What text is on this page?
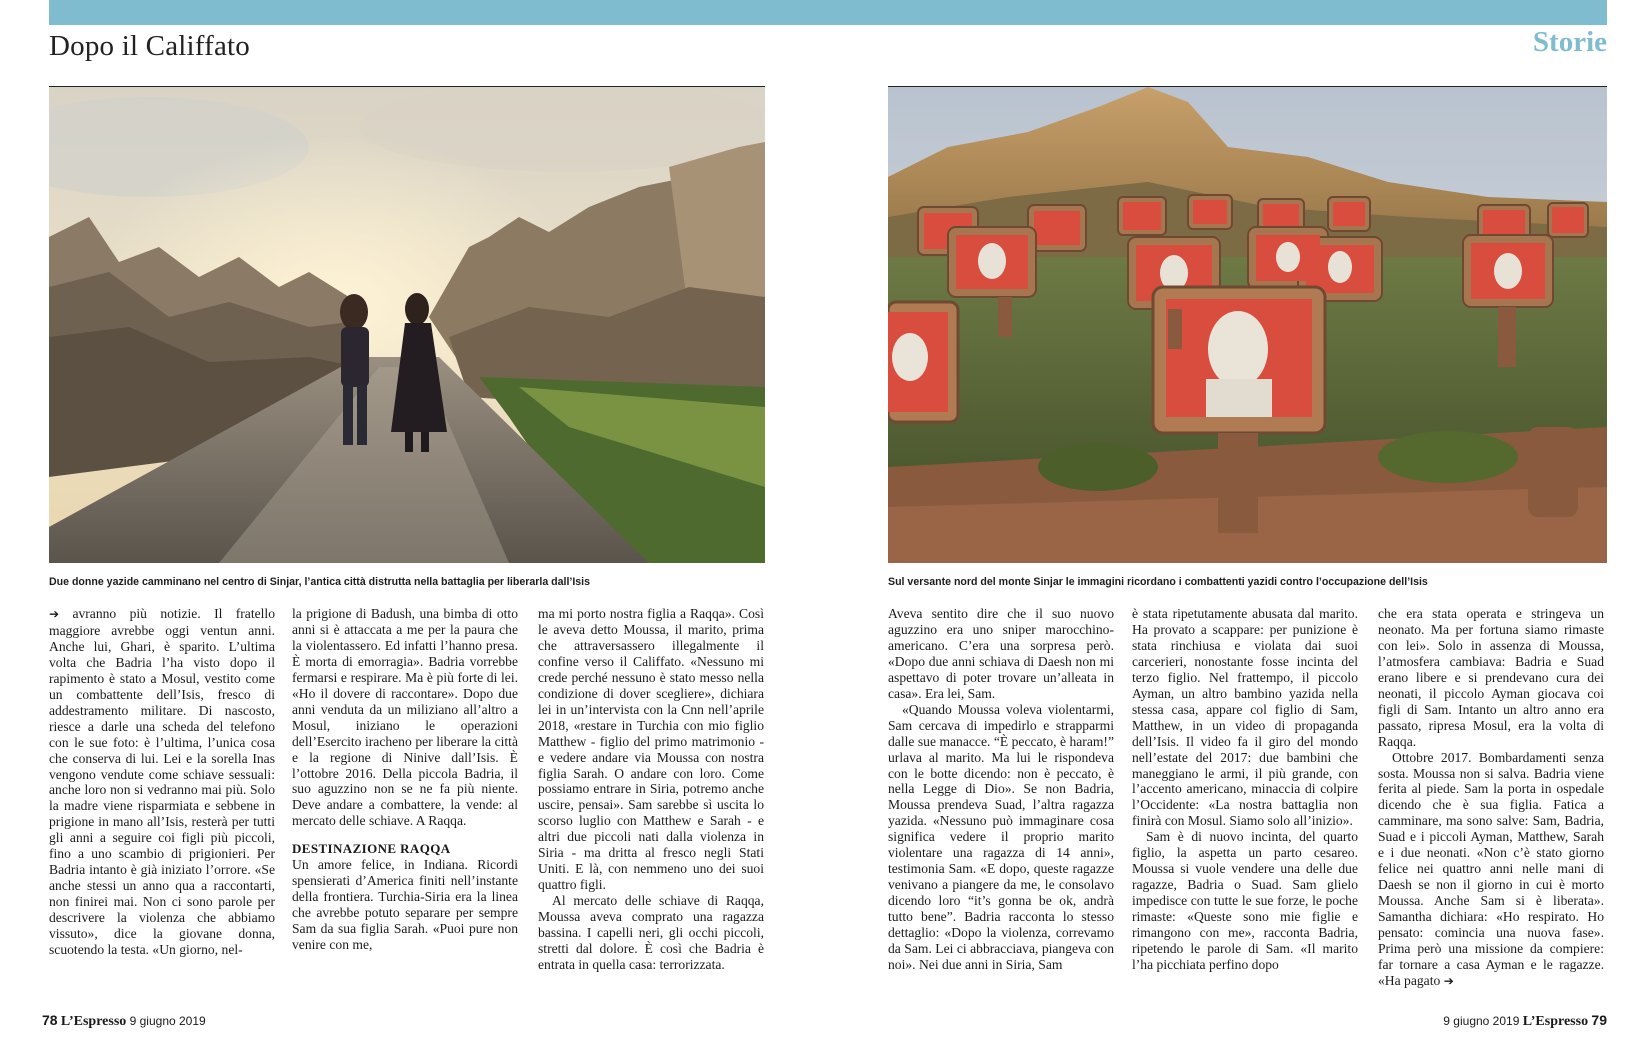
Dopo il Califfato	Storie
Due donne yazide camminano nel centro di Sinjar, l’antica città distrutta nella battaglia per liberarla dall’Isis	Sul versante nord del monte Sinjar le immagini ricordano i combattenti yazidi contro l’occupazione dell’Isis

➔ avranno più notizie. Il fratello maggiore avrebbe oggi ventun anni. Anche lui, Ghari, è sparito. L’ultima volta che Badria l’ha visto dopo il rapimento è stato a Mosul, vestito come un combattente dell’Isis, fresco di addestramento militare. Di nascosto, riesce a darle una scheda del telefono con le sue foto: è l’ultima, l’unica cosa che conserva di lui. Lei e la sorella Inas vengono vendute come schiave sessuali: anche loro non si vedranno mai più. Solo la madre viene risparmiata e sebbene in prigione in mano all’Isis, resterà per tutti gli anni a seguire coi figli più piccoli, fino a uno scambio di prigionieri. Per Badria intanto è già iniziato l’orrore. «Se anche stessi un anno qua a raccontarti, non finirei mai. Non ci sono parole per descrivere la violenza che abbiamo vissuto», dice la giovane donna, scuotendo la testa. «Un giorno, nel-

la prigione di Badush, una bimba di otto anni si è attaccata a me per la paura che la violentassero. Ed infatti l’hanno presa. È morta di emorragia». Badria vorrebbe fermarsi e respirare. Ma è più forte di lei. «Ho il dovere di raccontare». Dopo due anni venduta da un miliziano all’altro a Mosul, iniziano le operazioni dell’Esercito iracheno per liberare la città e la regione di Ninive dall’Isis. È l’ottobre 2016. Della piccola Badria, il suo aguzzino non se ne fa più niente. Deve andare a combattere, la vende: al mercato delle schiave. A Raqqa.

DESTINAZIONE RAQQA

Un amore felice, in Indiana. Ricordi spensierati d’America finiti nell’instante della frontiera. Turchia-Siria era la linea che avrebbe potuto separare per sempre Sam da sua figlia Sarah. «Puoi pure non venire con me,

ma mi porto nostra figlia a Raqqa». Così le aveva detto Moussa, il marito, prima che attraversassero illegalmente il confine verso il Califfato. «Nessuno mi crede perché nessuno è stato messo nella condizione di dover scegliere», dichiara lei in un’intervista con la Cnn nell’aprile 2018, «restare in Turchia con mio figlio Matthew - figlio del primo matrimonio - e vedere andare via Moussa con nostra figlia Sarah. O andare con loro. Come possiamo entrare in Siria, potremo anche uscire, pensai». Sam sarebbe sì uscita lo scorso luglio con Matthew e Sarah - e altri due piccoli nati dalla violenza in Siria - ma dritta al fresco negli Stati Uniti. E là, con nemmeno uno dei suoi quattro figli.

Al mercato delle schiave di Raqqa, Moussa aveva comprato una ragazza bassina. I capelli neri, gli occhi piccoli, stretti dal dolore. È così che Badria è entrata in quella casa: terrorizzata.

Aveva sentito dire che il suo nuovo aguzzino era uno sniper marocchino-americano. C’era una sorpresa però. «Dopo due anni schiava di Daesh non mi aspettavo di poter trovare un’alleata in casa». Era lei, Sam.

«Quando Moussa voleva violentarmi, Sam cercava di impedirlo e strapparmi dalle sue manacce. “È peccato, è haram!” urlava al marito. Ma lui le rispondeva con le botte dicendo: non è peccato, è nella Legge di Dio». Se non Badria, Moussa prendeva Suad, l’altra ragazza yazida. «Nessuno può immaginare cosa significa vedere il proprio marito violentare una ragazza di 14 anni», testimonia Sam. «E dopo, queste ragazze venivano a piangere da me, le consolavo dicendo loro “it’s gonna be ok, andrà tutto bene”. Badria racconta lo stesso dettaglio: «Dopo la violenza, correvamo da Sam. Lei ci abbracciava, piangeva con noi». Nei due anni in Siria, Sam

è stata ripetutamente abusata dal marito. Ha provato a scappare: per punizione è stata rinchiusa e violata dai suoi carcerieri, nonostante fosse incinta del terzo figlio. Nel frattempo, il piccolo Ayman, un altro bambino yazida nella stessa casa, appare col figlio di Sam, Matthew, in un video di propaganda dell’Isis. Il video fa il giro del mondo nell’estate del 2017: due bambini che maneggiano le armi, il più grande, con l’accento americano, minaccia di colpire l’Occidente: «La nostra battaglia non finirà con Mosul. Siamo solo all’inizio».

Sam è di nuovo incinta, del quarto figlio, la aspetta un parto cesareo. Moussa si vuole vendere una delle due ragazze, Badria o Suad. Sam glielo impedisce con tutte le sue forze, le poche rimaste: «Queste sono mie figlie e rimangono con me», racconta Badria, ripetendo le parole di Sam. «Il marito l’ha picchiata perfino dopo

che era stata operata e stringeva un neonato. Ma per fortuna siamo rimaste con lei». Solo in assenza di Moussa, l’atmosfera cambiava: Badria e Suad erano libere e si prendevano cura dei neonati, il piccolo Ayman giocava coi figli di Sam. Intanto un altro anno era passato, ripresa Mosul, era la volta di Raqqa.

Ottobre 2017. Bombardamenti senza sosta. Moussa non si salva. Badria viene ferita al piede. Sam la porta in ospedale dicendo che è sua figlia. Fatica a camminare, ma sono salve: Sam, Badria, Suad e i piccoli Ayman, Matthew, Sarah e i due neonati. «Non c’è stato giorno felice nei quattro anni nelle mani di Daesh se non il giorno in cui è morto Moussa. Anche Sam si è liberata». Samantha dichiara: «Ho respirato. Ho pensato: comincia una nuova fase». Prima però una missione da compiere: far tornare a casa Ayman e le ragazze. «Ha pagato ➔

78 L’Espresso 9 giugno 2019	9 giugno 2019 L’Espresso 79
